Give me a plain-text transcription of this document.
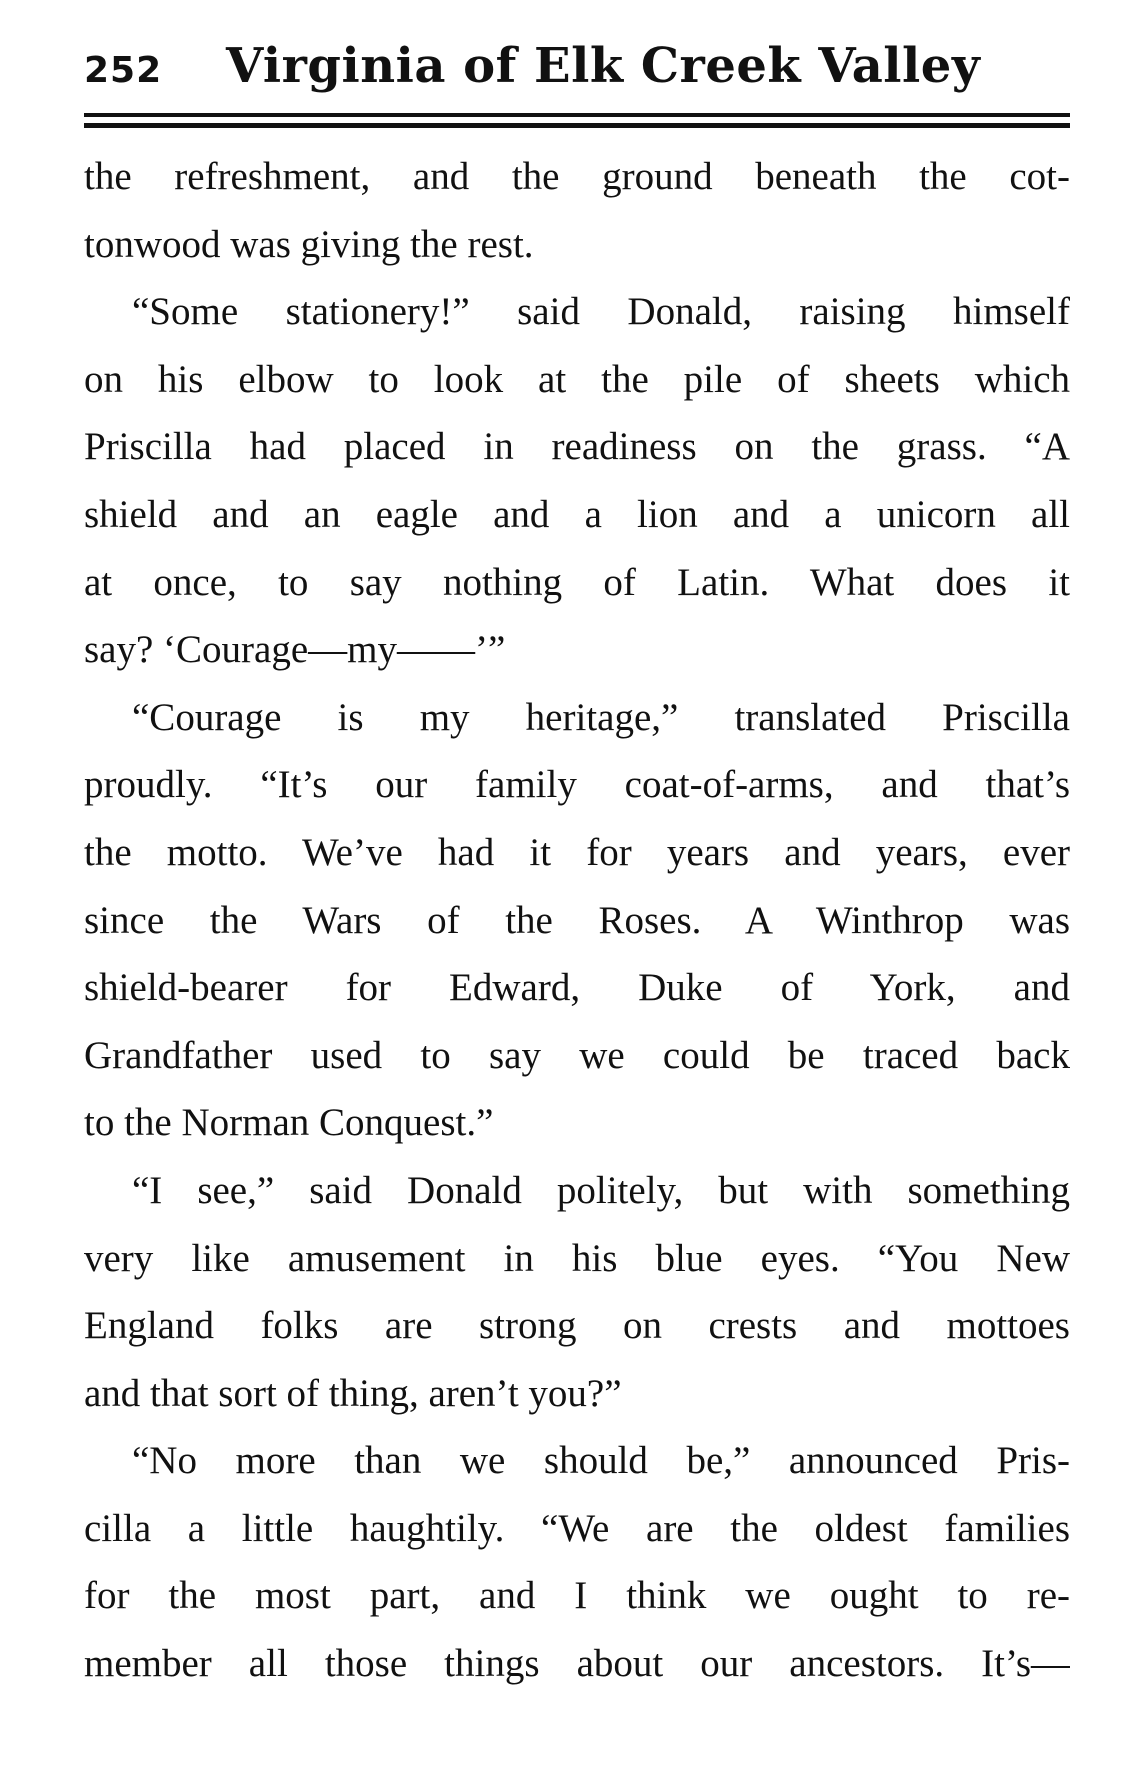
252 Virginia of Elk Creek Valley
the refreshment, and the ground beneath the cot-
tonwood was giving the rest.
“Some stationery!” said Donald, raising himself
on his elbow to look at the pile of sheets which
Priscilla had placed in readiness on the grass. “A
shield and an eagle and a lion and a unicorn all
at once, to say nothing of Latin. What does it
say? ‘Courage—my——’”
“Courage is my heritage,” translated Priscilla
proudly. “It’s our family coat-of-arms, and that’s
the motto. We’ve had it for years and years, ever
since the Wars of the Roses. A Winthrop was
shield-bearer for Edward, Duke of York, and
Grandfather used to say we could be traced back
to the Norman Conquest.”
“I see,” said Donald politely, but with something
very like amusement in his blue eyes. “You New
England folks are strong on crests and mottoes
and that sort of thing, aren’t you?”
“No more than we should be,” announced Pris-
cilla a little haughtily. “We are the oldest families
for the most part, and I think we ought to re-
member all those things about our ancestors. It’s—
